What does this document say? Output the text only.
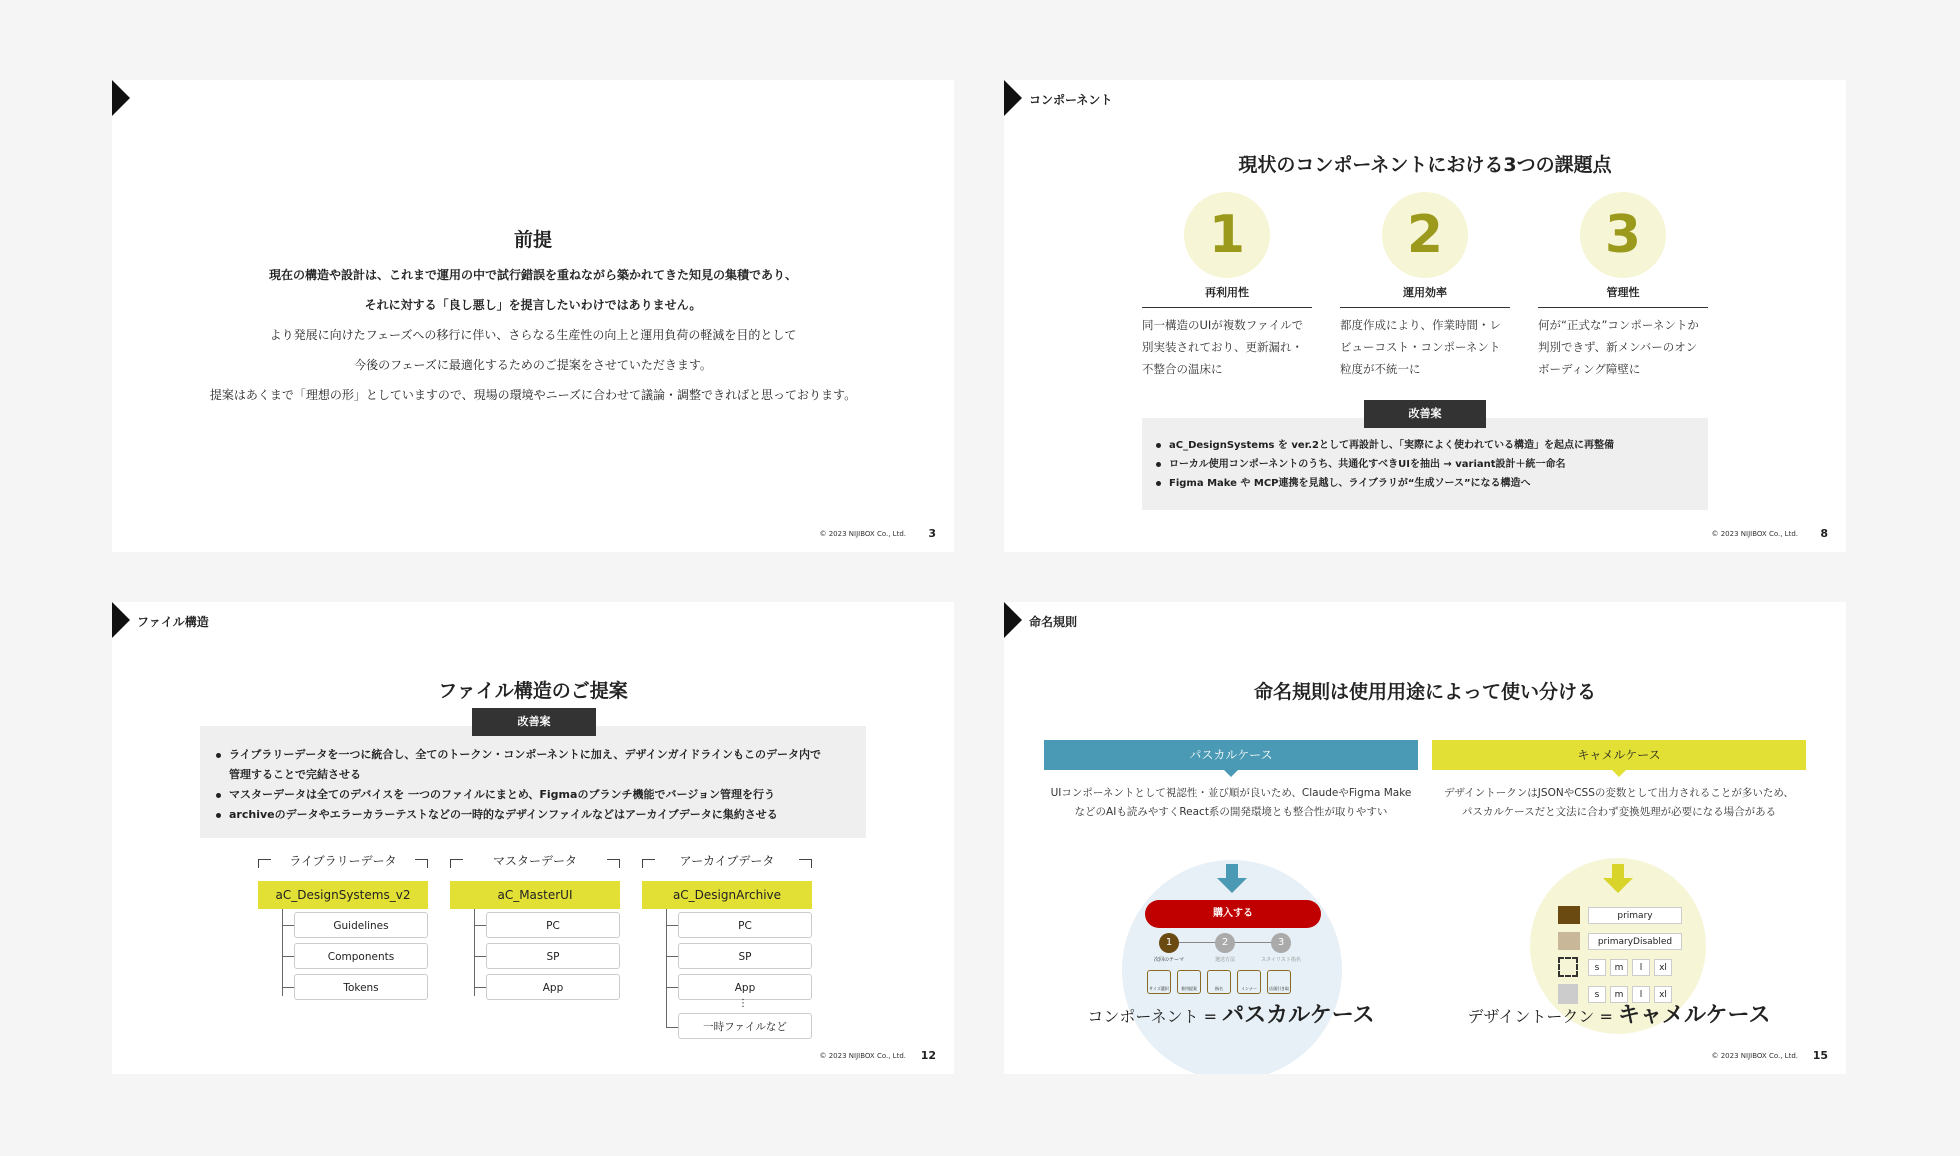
前提
現在の構造や設計は、これまで運用の中で試行錯誤を重ねながら築かれてきた知見の集積であり、
それに対する「良し悪し」を提言したいわけではありません。
より発展に向けたフェーズへの移行に伴い、さらなる生産性の向上と運用負荷の軽減を目的として
今後のフェーズに最適化するためのご提案をさせていただきます。
提案はあくまで「理想の形」としていますので、現場の環境やニーズに合わせて議論・調整できればと思っております。
© 2023 NIJIBOX Co., Ltd. 3
コンポーネント
現状のコンポーネントにおける3つの課題点
1
再利用性
同一構造のUIが複数ファイルで別実装されており、更新漏れ・不整合の温床に
2
運用効率
都度作成により、作業時間・レビューコスト・コンポーネント粒度が不統一に
3
管理性
何が“正式な”コンポーネントか判別できず、新メンバーのオンボーディング障壁に
改善案
aC_DesignSystems を ver.2として再設計し、「実際によく使われている構造」を起点に再整備
ローカル使用コンポーネントのうち、共通化すべきUIを抽出 → variant設計＋統一命名
Figma Make や MCP連携を見越し、ライブラリが“生成ソース”になる構造へ
© 2023 NIJIBOX Co., Ltd. 8
ファイル構造
ファイル構造のご提案
改善案
ライブラリーデータを一つに統合し、全てのトークン・コンポーネントに加え、デザインガイドラインもこのデータ内で
管理することで完結させる
マスターデータは全てのデバイスを 一つのファイルにまとめ、Figmaのブランチ機能でバージョン管理を行う
archiveのデータやエラーカラーテストなどの一時的なデザインファイルなどはアーカイブデータに集約させる
ライブラリーデータ
aC_DesignSystems_v2
Guidelines
Components
Tokens
マスターデータ
aC_MasterUI
PC
SP
App
アーカイブデータ
aC_DesignArchive
PC
SP
App
⋮
一時ファイルなど
© 2023 NIJIBOX Co., Ltd. 12
命名規則
命名規則は使用用途によって使い分ける
パスカルケース
UIコンポーネントとして視認性・並び順が良いため、ClaudeやFigma Make
などのAIも読みやすくReact系の開発環境とも整合性が取りやすい
購入する
1	2	3
次回のテーマ	選送方法	スタイリスト指名
サイズ選択	着用提案	指名	インナー	店頭引き取
コンポーネント = パスカルケース
キャメルケース
デザイントークンはJSONやCSSの変数として出力されることが多いため、
パスカルケースだと文法に合わず変換処理が必要になる場合がある
primary
primaryDisabled
s	m	l	xl
s	m	l	xl
デザイントークン = キャメルケース
© 2023 NIJIBOX Co., Ltd. 15
